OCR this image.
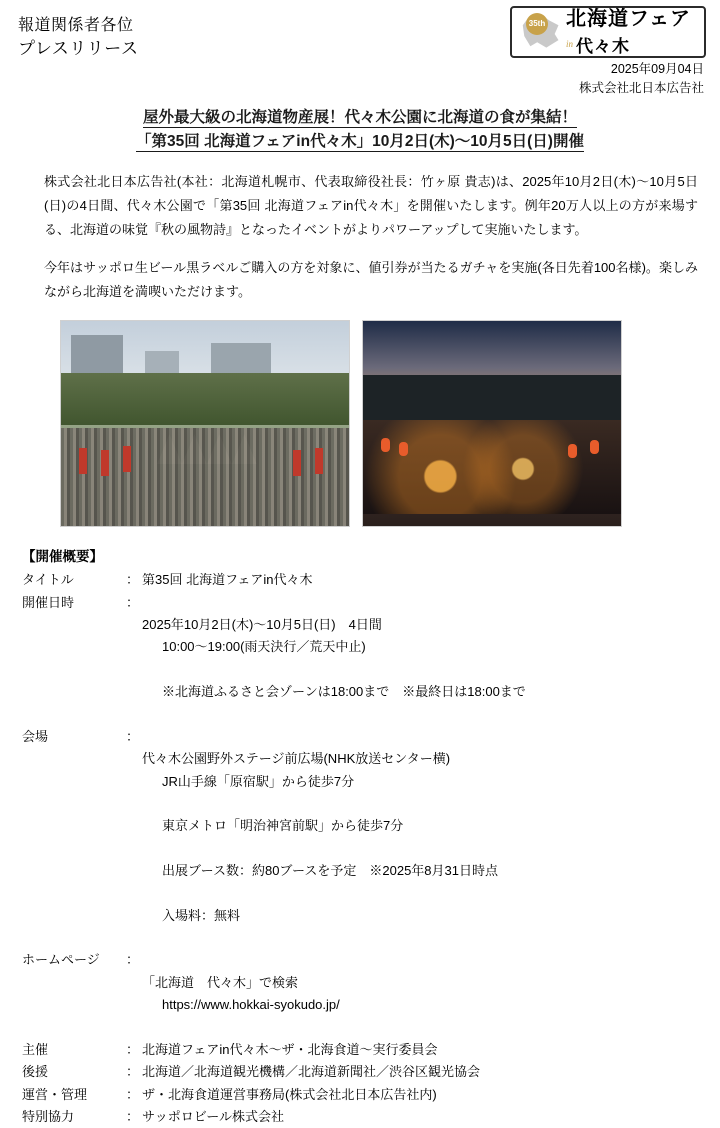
報道関係者各位
プレスリリース
35th 北海道フェア
in 代々木
2025年09月04日
株式会社北日本広告社
屋外最大級の北海道物産展！代々木公園に北海道の食が集結！ 「第35回 北海道フェアin代々木」10月2日(木)〜10月5日(日)開催

株式会社北日本広告社(本社：北海道札幌市、代表取締役社長：竹ヶ原 貴志)は、2025年10月2日(木)〜10月5日(日)の4日間、代々木公園で「第35回 北海道フェアin代々木」を開催いたします。例年20万人以上の方が来場する、北海道の味覚『秋の風物詩』となったイベントがよりパワーアップして実施いたします。

今年はサッポロ生ビール黒ラベルご購入の方を対象に、値引券が当たるガチャを実施(各日先着100名様)。楽しみながら北海道を満喫いただけます。

【開催概要】
タイトル	：	第35回 北海道フェアin代々木
開催日時	：	2025年10月2日(木)〜10月5日(日)　4日間

10:00〜19:00(雨天決行／荒天中止)

※北海道ふるさと会ゾーンは18:00まで　※最終日は18:00まで

会場	：	代々木公園野外ステージ前広場(NHK放送センター横)

JR山手線「原宿駅」から徒歩7分

東京メトロ「明治神宮前駅」から徒歩7分

出展ブース数：約80ブースを予定　※2025年8月31日時点

入場料：無料

ホームページ	：	「北海道　代々木」で検索

https://www.hokkai-syokudo.jp/

主催	：	北海道フェアin代々木〜ザ・北海食道〜実行委員会
後援	：	北海道／北海道観光機構／北海道新聞社／渋谷区観光協会
運営・管理	：	ザ・北海食道運営事務局(株式会社北日本広告社内)
特別協力	：	サッポロビール株式会社
